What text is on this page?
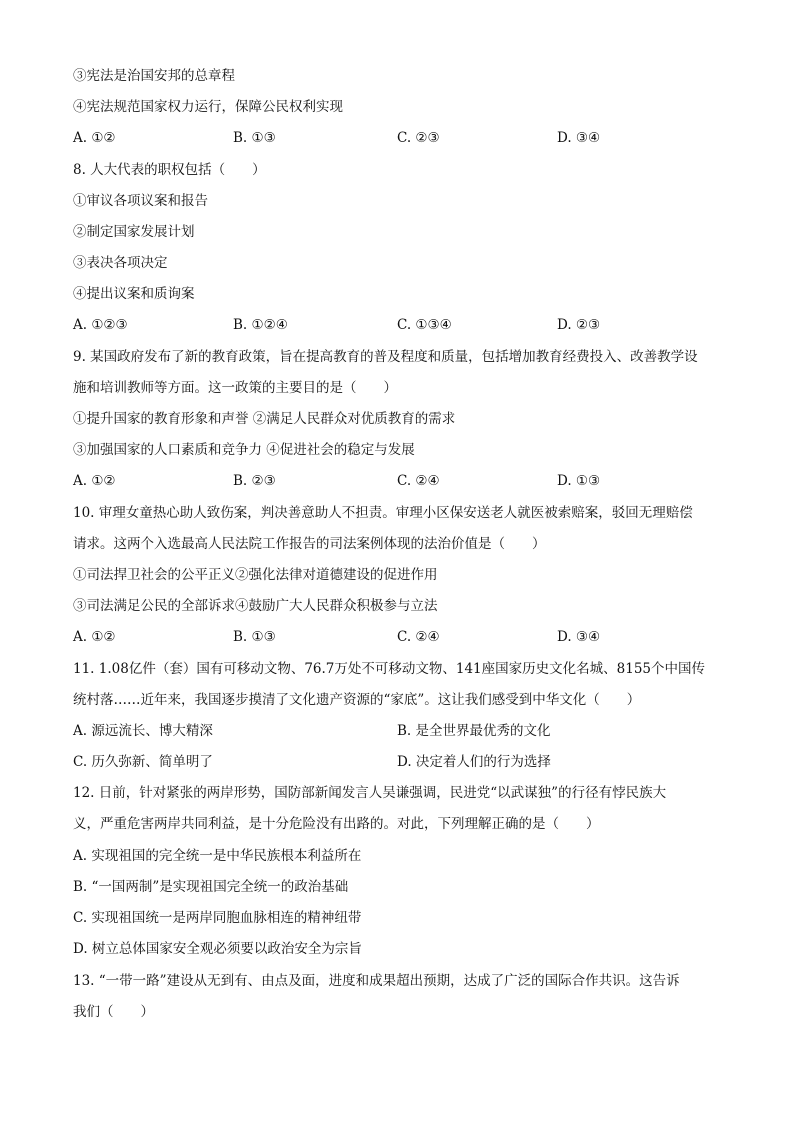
③宪法是治国安邦的总章程
④宪法规范国家权力运行，保障公民权利实现
A. ①②	B. ①③	C. ②③	D. ③④
8. 人大代表的职权包括（　　）
①审议各项议案和报告
②制定国家发展计划
③表决各项决定
④提出议案和质询案
A. ①②③	B. ①②④	C. ①③④	D. ②③
9. 某国政府发布了新的教育政策，旨在提高教育的普及程度和质量，包括增加教育经费投入、改善教学设
施和培训教师等方面。这一政策的主要目的是（　　）
①提升国家的教育形象和声誉 ②满足人民群众对优质教育的需求
③加强国家的人口素质和竞争力 ④促进社会的稳定与发展
A. ①②	B. ②③	C. ②④	D. ①③
10. 审理女童热心助人致伤案，判决善意助人不担责。审理小区保安送老人就医被索赔案，驳回无理赔偿
请求。这两个入选最高人民法院工作报告的司法案例体现的法治价值是（　　）
①司法捍卫社会的公平正义②强化法律对道德建设的促进作用
③司法满足公民的全部诉求④鼓励广大人民群众积极参与立法
A. ①②	B. ①③	C. ②④	D. ③④
11. 1.08亿件（套）国有可移动文物、76.7万处不可移动文物、141座国家历史文化名城、8155个中国传
统村落……近年来，我国逐步摸清了文化遗产资源的“家底”。这让我们感受到中华文化（　　）
A. 源远流长、博大精深	B. 是全世界最优秀的文化
C. 历久弥新、简单明了	D. 决定着人们的行为选择
12. 日前，针对紧张的两岸形势，国防部新闻发言人吴谦强调，民进党“以武谋独”的行径有悖民族大
义，严重危害两岸共同利益，是十分危险没有出路的。对此，下列理解正确的是（　　）
A. 实现祖国的完全统一是中华民族根本利益所在
B. “一国两制”是实现祖国完全统一的政治基础
C. 实现祖国统一是两岸同胞血脉相连的精神纽带
D. 树立总体国家安全观必须要以政治安全为宗旨
13. “一带一路”建设从无到有、由点及面，进度和成果超出预期，达成了广泛的国际合作共识。这告诉
我们（　　）
